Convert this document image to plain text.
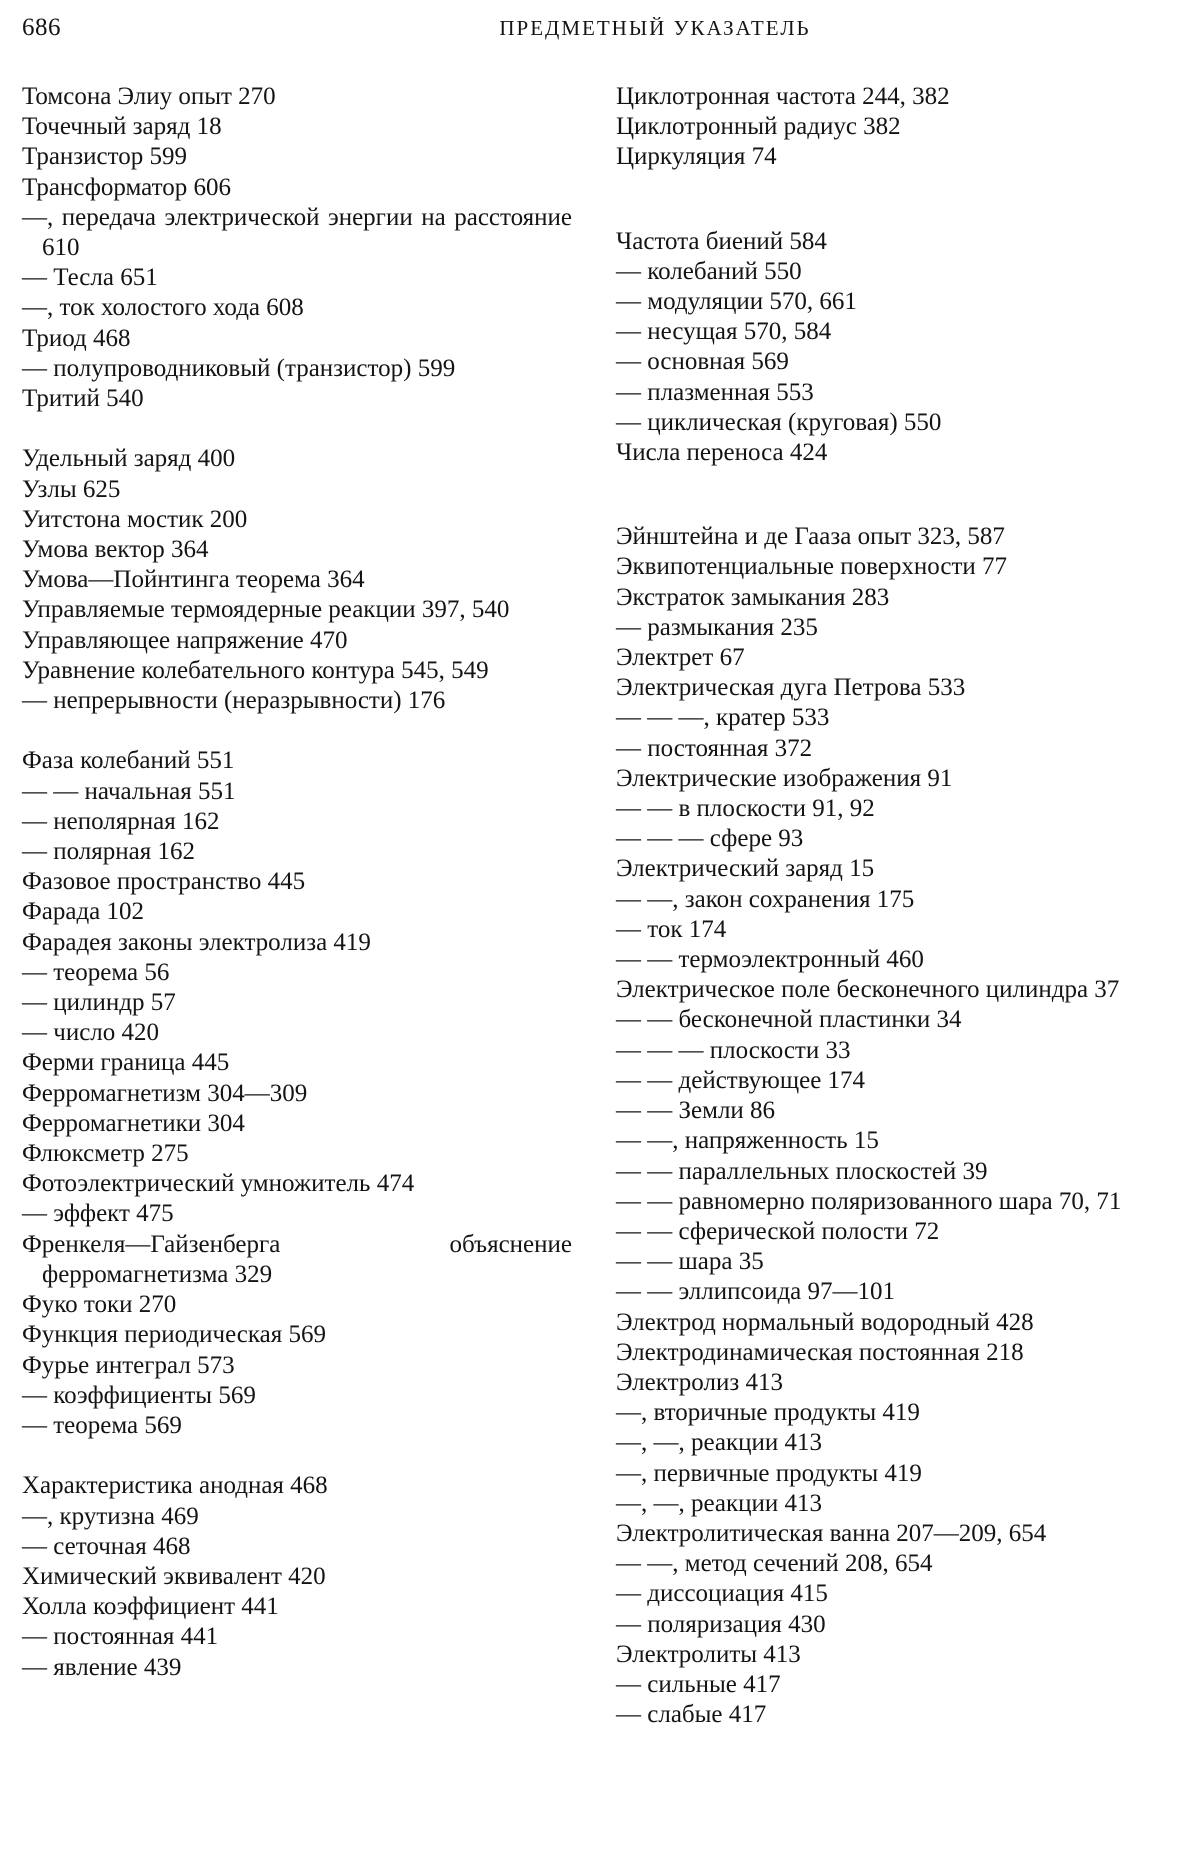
686	ПРЕДМЕТНЫЙ УКАЗАТЕЛЬ
Томсона Элиу опыт 270
Точечный заряд 18
Транзистор 599
Трансформатор 606
—, передача электрической энергии на расстояние 610
— Тесла 651
—, ток холостого хода 608
Триод 468
— полупроводниковый (транзистор) 599
Тритий 540
Удельный заряд 400
Узлы 625
Уитстона мостик 200
Умова вектор 364
Умова—Пойнтинга теорема 364
Управляемые термоядерные реакции 397, 540
Управляющее напряжение 470
Уравнение колебательного контура 545, 549
— непрерывности (неразрывности) 176
Фаза колебаний 551
— — начальная 551
— неполярная 162
— полярная 162
Фазовое пространство 445
Фарада 102
Фарадея законы электролиза 419
— теорема 56
— цилиндр 57
— число 420
Ферми граница 445
Ферромагнетизм 304—309
Ферромагнетики 304
Флюксметр 275
Фотоэлектрический умножитель 474
— эффект 475
Френкеля—Гайзенберга объяснение ферромагнетизма 329
Фуко токи 270
Функция периодическая 569
Фурье интеграл 573
— коэффициенты 569
— теорема 569
Характеристика анодная 468
—, крутизна 469
— сеточная 468
Химический эквивалент 420
Холла коэффициент 441
— постоянная 441
— явление 439
Циклотронная частота 244, 382
Циклотронный радиус 382
Циркуляция 74
Частота биений 584
— колебаний 550
— модуляции 570, 661
— несущая 570, 584
— основная 569
— плазменная 553
— циклическая (круговая) 550
Числа переноса 424
Эйнштейна и де Гааза опыт 323, 587
Эквипотенциальные поверхности 77
Экстраток замыкания 283
— размыкания 235
Электрет 67
Электрическая дуга Петрова 533
— — —, кратер 533
— постоянная 372
Электрические изображения 91
— — в плоскости 91, 92
— — — сфере 93
Электрический заряд 15
— —, закон сохранения 175
— ток 174
— — термоэлектронный 460
Электрическое поле бесконечного цилиндра 37
— — бесконечной пластинки 34
— — — плоскости 33
— — действующее 174
— — Земли 86
— —, напряженность 15
— — параллельных плоскостей 39
— — равномерно поляризованного шара 70, 71
— — сферической полости 72
— — шара 35
— — эллипсоида 97—101
Электрод нормальный водородный 428
Электродинамическая постоянная 218
Электролиз 413
—, вторичные продукты 419
—, —, реакции 413
—, первичные продукты 419
—, —, реакции 413
Электролитическая ванна 207—209, 654
— —, метод сечений 208, 654
— диссоциация 415
— поляризация 430
Электролиты 413
— сильные 417
— слабые 417
